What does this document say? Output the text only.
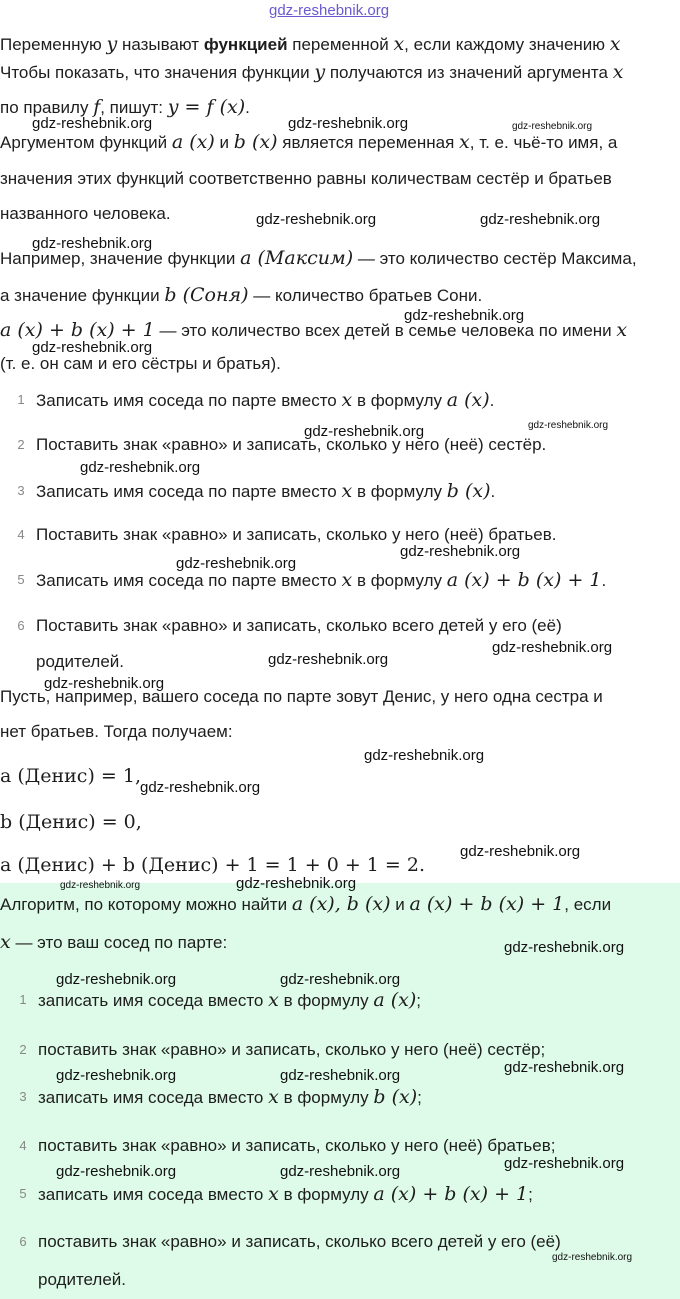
gdz-reshebnik.org
Переменную y называют функцией переменной x, если каждому значению x
Чтобы показать, что значения функции y получаются из значений аргумента x
по правилу f, пишут: y = f (x).
Аргументом функций a (x) и b (x) является переменная x, т. е. чьё-то имя, а
значения этих функций соответственно равны количествам сестёр и братьев
названного человека.
Например, значение функции a (Максим) — это количество сестёр Максима,
а значение функции b (Соня) — количество братьев Сони.
a (x) + b (x) + 1 — это количество всех детей в семье человека по имени x
(т. е. он сам и его сёстры и братья).
1 Записать имя соседа по парте вместо x в формулу a (x).
2 Поставить знак «равно» и записать, сколько у него (неё) сестёр.
3 Записать имя соседа по парте вместо x в формулу b (x).
4 Поставить знак «равно» и записать, сколько у него (неё) братьев.
5 Записать имя соседа по парте вместо x в формулу a (x) + b (x) + 1.
6 Поставить знак «равно» и записать, сколько всего детей у его (её)
родителей.
Пусть, например, вашего соседа по парте зовут Денис, у него одна сестра и
нет братьев. Тогда получаем:
a (Денис) = 1,
b (Денис) = 0,
a (Денис) + b (Денис) + 1 = 1 + 0 + 1 = 2.
Алгоритм, по которому можно найти a (x), b (x) и a (x) + b (x) + 1, если
x — это ваш сосед по парте:
1 записать имя соседа вместо x в формулу a (x);
2 поставить знак «равно» и записать, сколько у него (неё) сестёр;
3 записать имя соседа вместо x в формулу b (x);
4 поставить знак «равно» и записать, сколько у него (неё) братьев;
5 записать имя соседа вместо x в формулу a (x) + b (x) + 1;
6 поставить знак «равно» и записать, сколько всего детей у его (её)
родителей.
gdz-reshebnik.org	gdz-reshebnik.org	gdz-reshebnik.org
gdz-reshebnik.org	gdz-reshebnik.org
gdz-reshebnik.org
gdz-reshebnik.org
gdz-reshebnik.org
gdz-reshebnik.org	gdz-reshebnik.org
gdz-reshebnik.org
gdz-reshebnik.org
gdz-reshebnik.org
gdz-reshebnik.org
gdz-reshebnik.org
gdz-reshebnik.org
gdz-reshebnik.org
gdz-reshebnik.org
gdz-reshebnik.org
gdz-reshebnik.org
gdz-reshebnik.org
gdz-reshebnik.org
gdz-reshebnik.org	gdz-reshebnik.org
gdz-reshebnik.org
gdz-reshebnik.org	gdz-reshebnik.org
gdz-reshebnik.org
gdz-reshebnik.org	gdz-reshebnik.org
gdz-reshebnik.org
